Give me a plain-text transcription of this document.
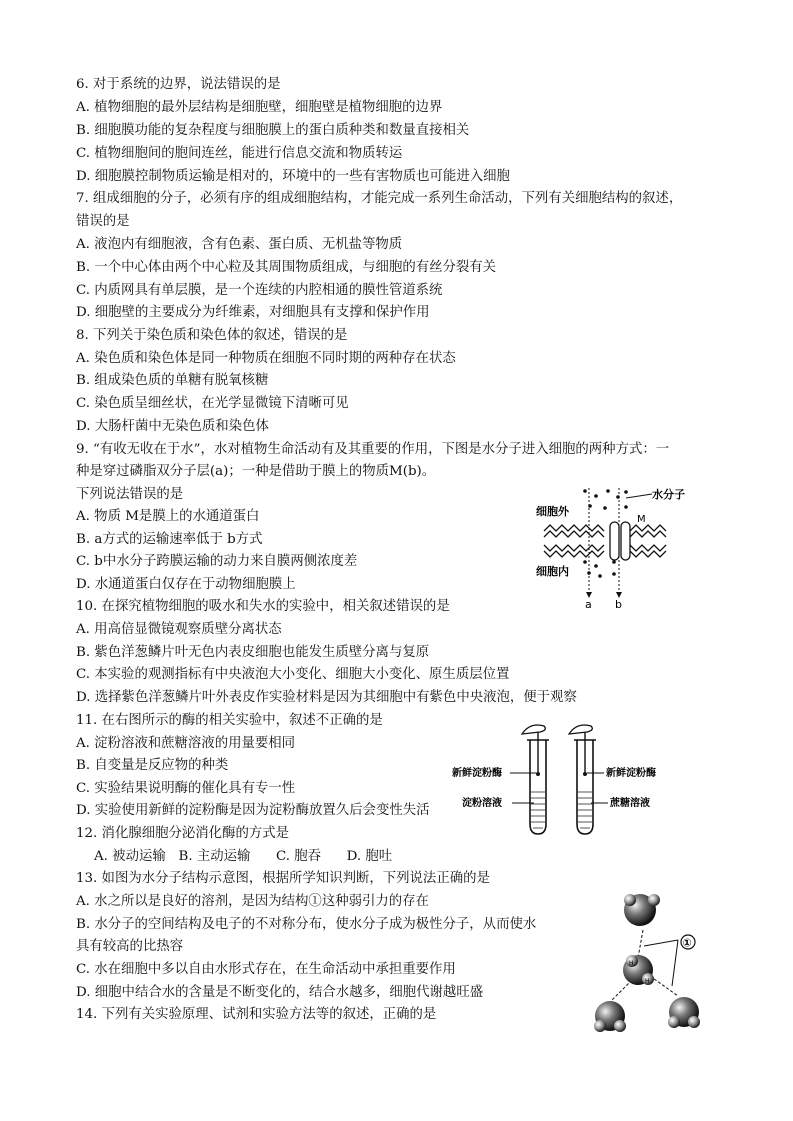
6. 对于系统的边界，说法错误的是
A. 植物细胞的最外层结构是细胞壁，细胞壁是植物细胞的边界
B. 细胞膜功能的复杂程度与细胞膜上的蛋白质种类和数量直接相关
C. 植物细胞间的胞间连丝，能进行信息交流和物质转运
D. 细胞膜控制物质运输是相对的，环境中的一些有害物质也可能进入细胞
7. 组成细胞的分子，必须有序的组成细胞结构，才能完成一系列生命活动，下列有关细胞结构的叙述，
错误的是
A. 液泡内有细胞液，含有色素、蛋白质、无机盐等物质
B. 一个中心体由两个中心粒及其周围物质组成，与细胞的有丝分裂有关
C. 内质网具有单层膜，是一个连续的内腔相通的膜性管道系统
D. 细胞壁的主要成分为纤维素，对细胞具有支撑和保护作用
8. 下列关于染色质和染色体的叙述，错误的是
A. 染色质和染色体是同一种物质在细胞不同时期的两种存在状态
B. 组成染色质的单糖有脱氧核糖
C. 染色质呈细丝状，在光学显微镜下清晰可见
D. 大肠杆菌中无染色质和染色体
9. “有收无收在于水”，水对植物生命活动有及其重要的作用，下图是水分子进入细胞的两种方式：一
种是穿过磷脂双分子层(a)；一种是借助于膜上的物质M(b)。
下列说法错误的是
A. 物质 M是膜上的水通道蛋白
B. a方式的运输速率低于 b方式
C. b中水分子跨膜运输的动力来自膜两侧浓度差
D. 水通道蛋白仅存在于动物细胞膜上
水分子
细胞外
细胞内
M
a b
10. 在探究植物细胞的吸水和失水的实验中，相关叙述错误的是
A. 用高倍显微镜观察质壁分离状态
B. 紫色洋葱鳞片叶无色内表皮细胞也能发生质壁分离与复原
C. 本实验的观测指标有中央液泡大小变化、细胞大小变化、原生质层位置
D. 选择紫色洋葱鳞片叶外表皮作实验材料是因为其细胞中有紫色中央液泡，便于观察
11. 在右图所示的酶的相关实验中，叙述不正确的是
A. 淀粉溶液和蔗糖溶液的用量要相同
B. 自变量是反应物的种类
C. 实验结果说明酶的催化具有专一性
D. 实验使用新鲜的淀粉酶是因为淀粉酶放置久后会变性失活
新鲜淀粉酶
淀粉溶液
新鲜淀粉酶
蔗糖溶液
12. 消化腺细胞分泌消化酶的方式是
A. 被动运输   B. 主动运输      C. 胞吞      D. 胞吐
13. 如图为水分子结构示意图，根据所学知识判断，下列说法正确的是
A. 水之所以是良好的溶剂，是因为结构①这种弱引力的存在
B. 水分子的空间结构及电子的不对称分布，使水分子成为极性分子，从而使水
具有较高的比热容
C. 水在细胞中多以自由水形式存在，在生命活动中承担重要作用
D. 细胞中结合水的含量是不断变化的，结合水越多，细胞代谢越旺盛
①
H
H
14. 下列有关实验原理、试剂和实验方法等的叙述，正确的是
